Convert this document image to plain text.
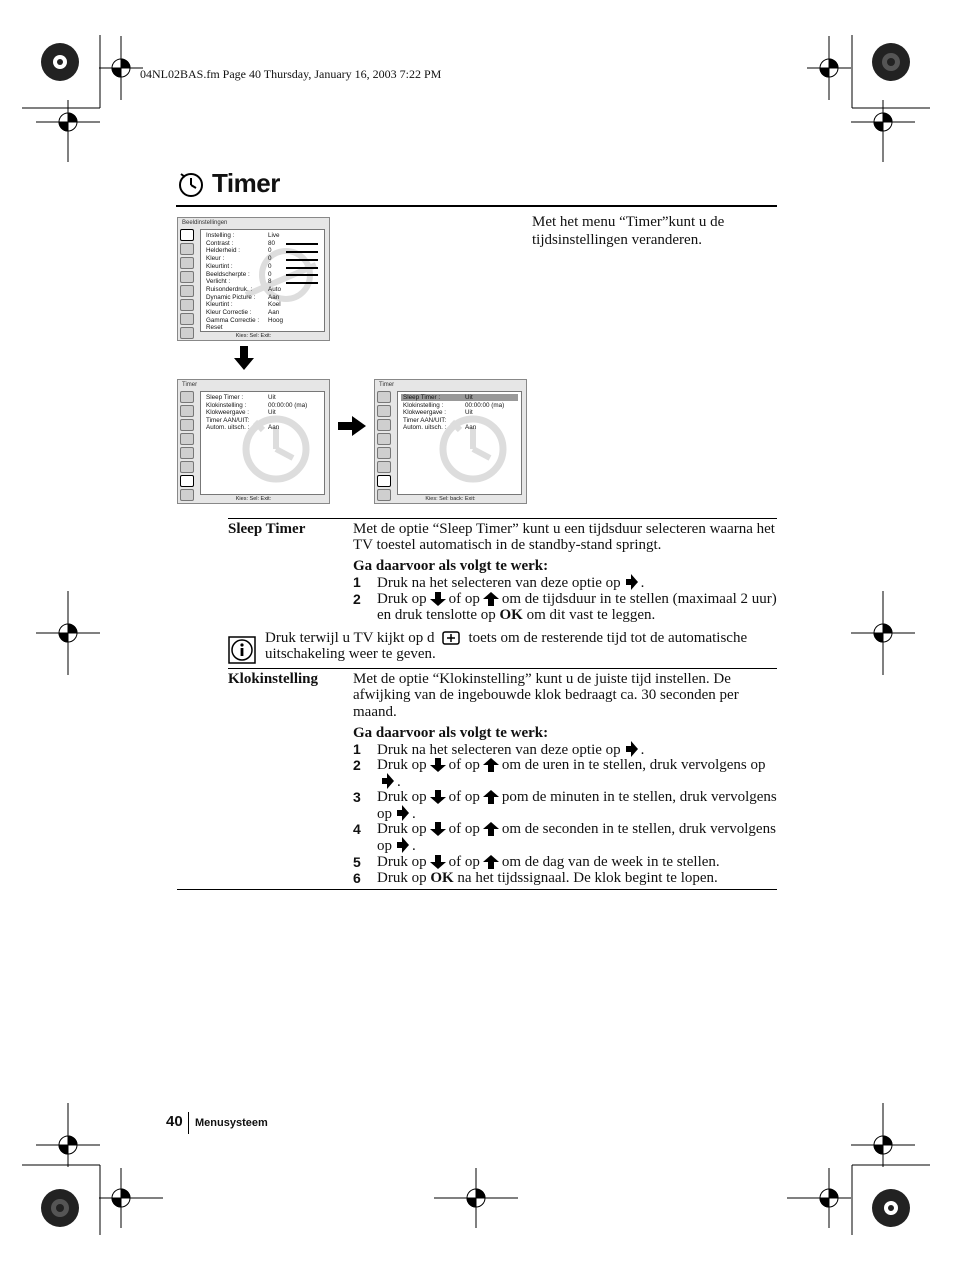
04NL02BAS.fm Page 40 Thursday, January 16, 2003 7:22 PM
Timer
Met het menu “Timer”kunt u de tijdsinstellingen veranderen.
Beeldinstellingen
Instelling :	Live
Contrast :	80
Helderheid :	0
Kleur :	0
Kleurtint :	0
Beeldscherpte :	0
Verlicht :	8
Ruisonderdruk. :	Auto
Dynamic Picture :	Aan
Kleurtint :	Koel
Kleur Correctie :	Aan
Gamma Correctie :	Hoog
Reset
Kies: Sel: Exit:
Timer
Sleep Timer :	Uit
Klokinstelling :	00:00:00 (ma)
Klokweergave :	Uit
Timer AAN/UIT:
Autom. uitsch. :	Aan
Kies: Sel: Exit:
Timer
Sleep Timer :	Uit
Klokinstelling :	00:00:00 (ma)
Klokweergave :	Uit
Timer AAN/UIT:
Autom. uitsch. :	Aan
Kies: Sel: back: Exit:
Sleep Timer	Met de optie “Sleep Timer” kunt u een tijdsduur selecteren waarna het TV toestel automatisch in de standby-stand springt.
Ga daarvoor als volgt te werk:
1 Druk na het selecteren van deze optie op .
2 Druk op of op om de tijdsduur in te stellen (maximaal 2 uur) en druk tenslotte op OK om dit vast te leggen.
Druk terwijl u TV kijkt op d toets om de resterende tijd tot de automatische uitschakeling weer te geven.
Klokinstelling Met de optie “Klokinstelling” kunt u de juiste tijd instellen. De afwijking van de ingebouwde klok bedraagt ca. 30 seconden per maand.
Ga daarvoor als volgt te werk:
1 Druk na het selecteren van deze optie op .
2 Druk op of op om de uren in te stellen, druk vervolgens op.
3 Druk op of op pom de minuten in te stellen, druk vervolgens op .
4 Druk op of op om de seconden in te stellen, druk vervolgens op .
5 Druk op of op om de dag van de week in te stellen.
6 Druk op OK na het tijdssignaal. De klok begint te lopen.
40 Menusysteem
